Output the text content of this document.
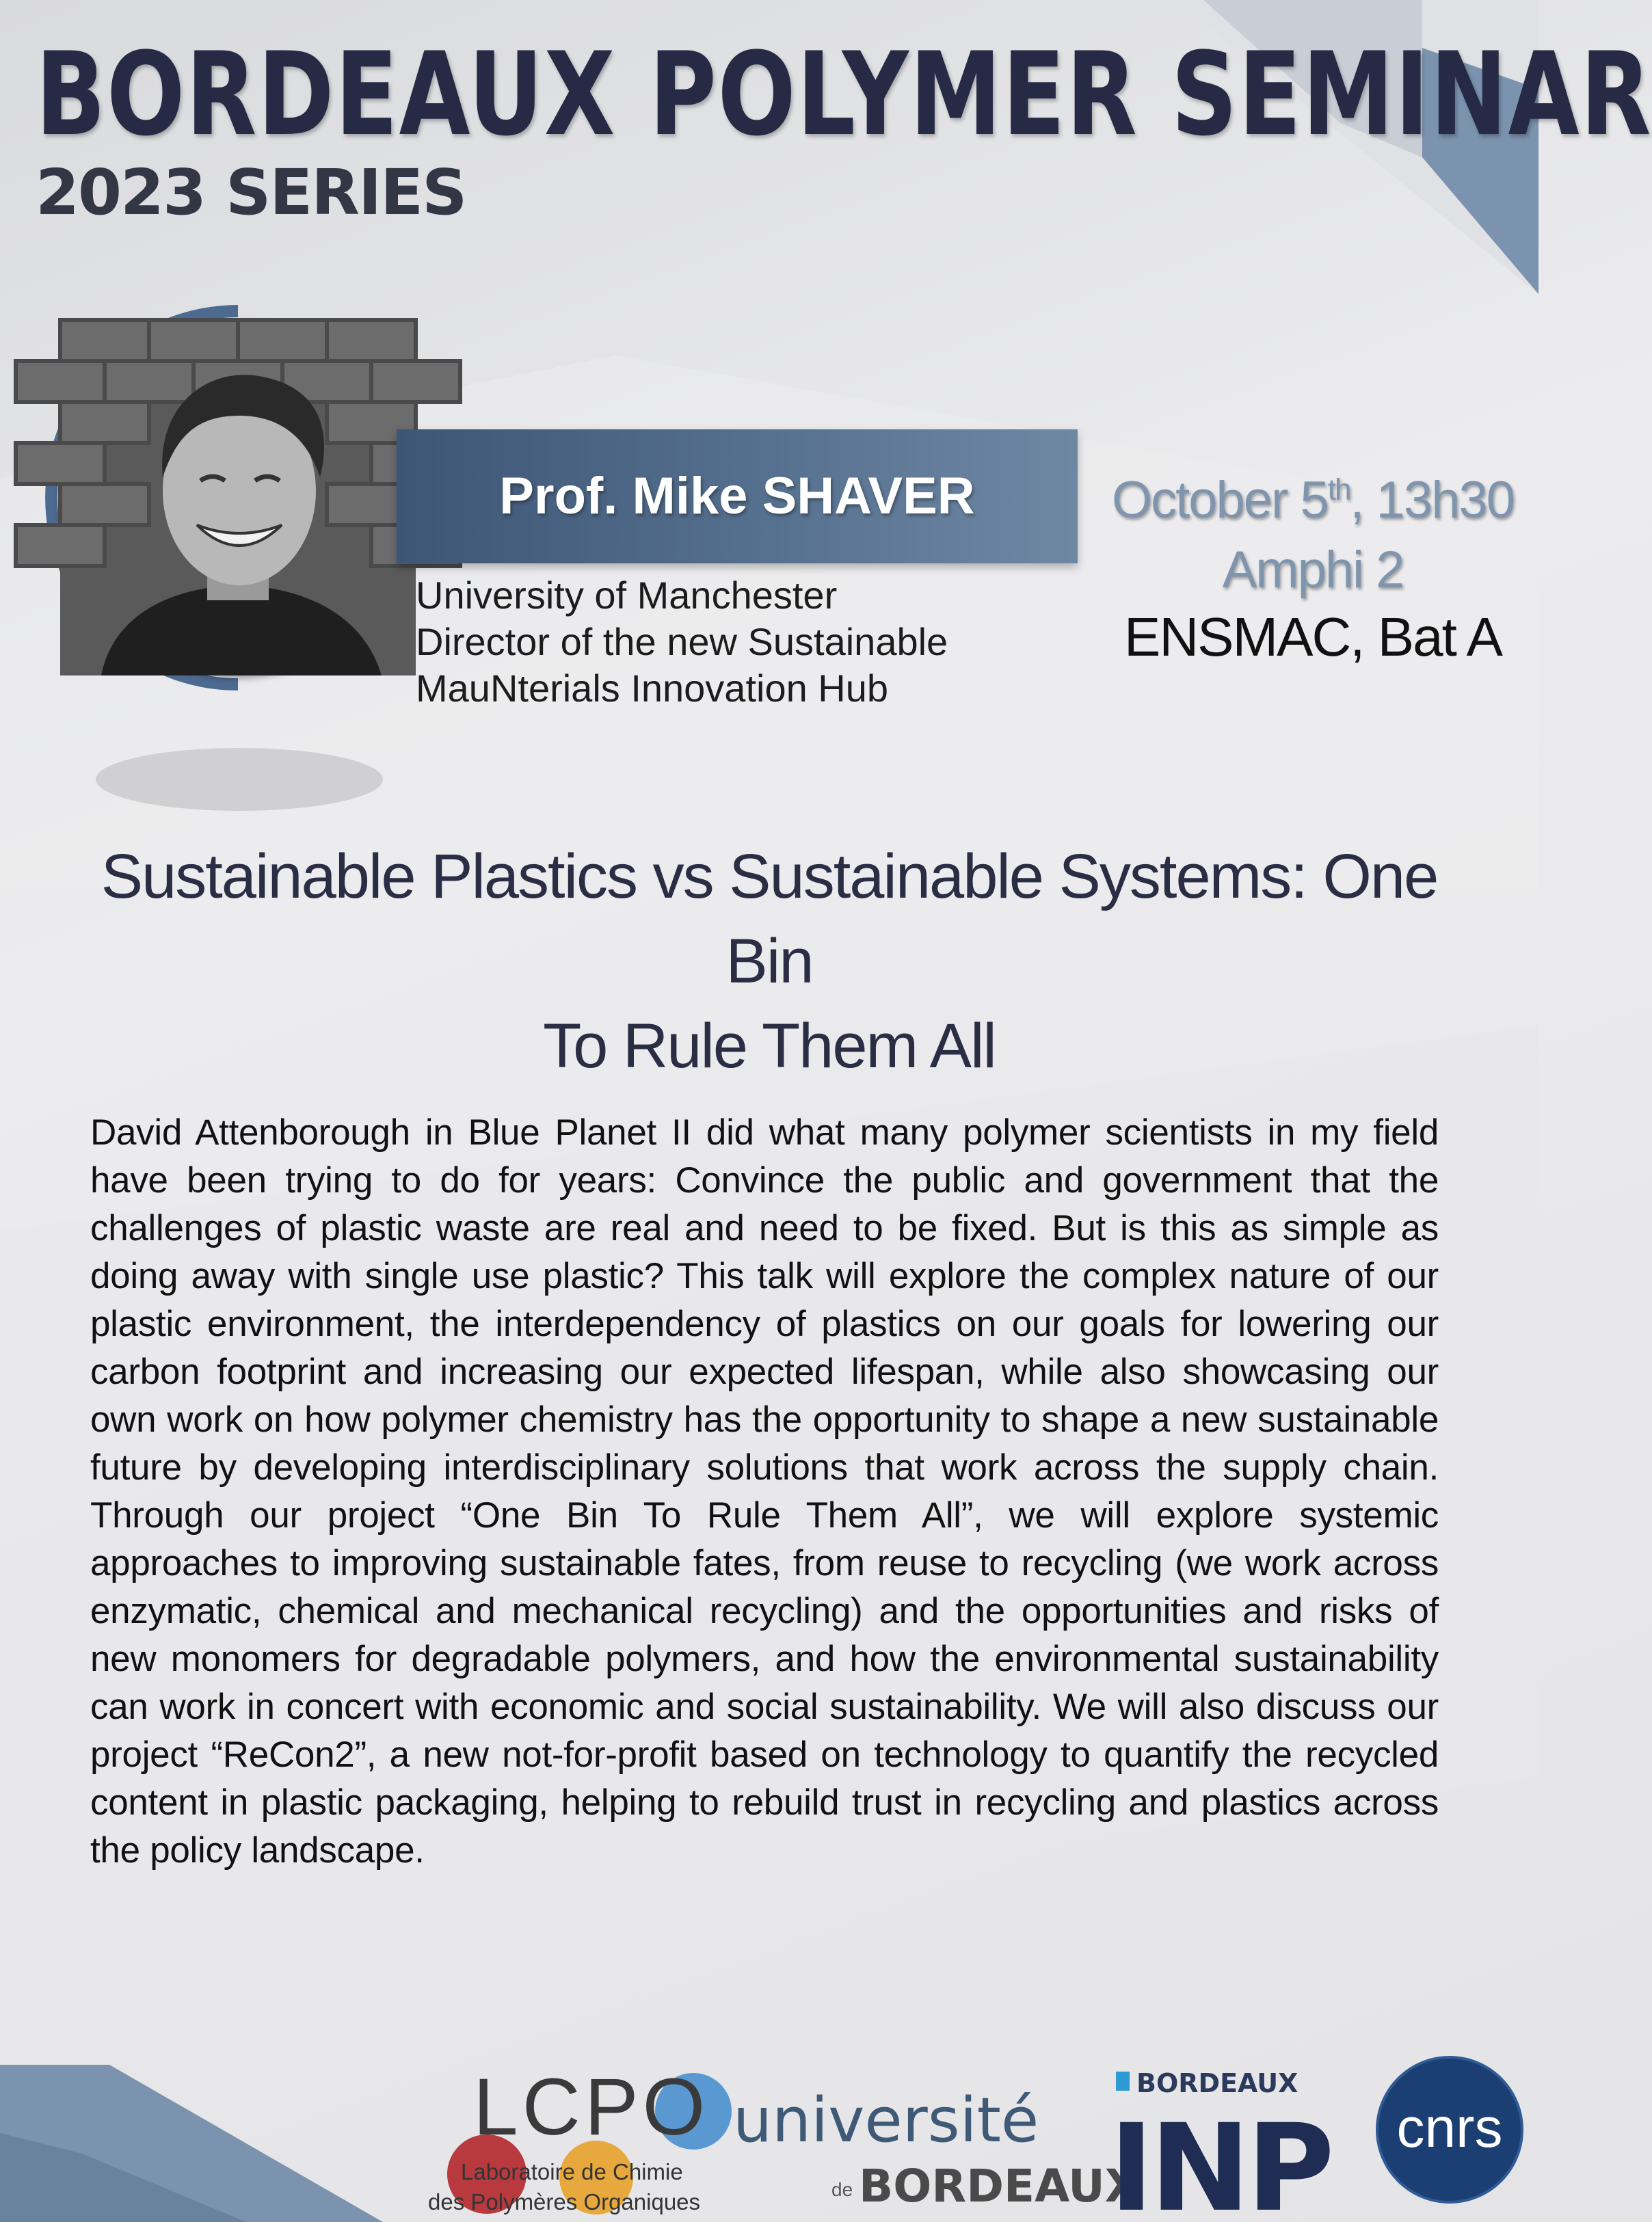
BORDEAUX POLYMER SEMINAR
2023 SERIES
Prof. Mike SHAVER
University of Manchester
Director of the new Sustainable
MauNterials Innovation Hub
October 5th, 13h30
Amphi 2
ENSMAC, Bat A
Sustainable Plastics vs Sustainable Systems: One Bin
To Rule Them All

David Attenborough in Blue Planet II did what many polymer scientists in my field have been trying to do for years: Convince the public and government that the challenges of plastic waste are real and need to be fixed. But is this as simple as doing away with single use plastic? This talk will explore the complex nature of our plastic environment, the interdependency of plastics on our goals for lowering our carbon footprint and increasing our expected lifespan, while also showcasing our own work on how polymer chemistry has the opportunity to shape a new sustainable future by developing interdisciplinary solutions that work across the supply chain. Through our project “One Bin To Rule Them All”, we will explore systemic approaches to improving sustainable fates, from reuse to recycling (we work across enzymatic, chemical and mechanical recycling) and the opportunities and risks of new monomers for degradable polymers, and how the environmental sustainability can work in concert with economic and social sustainability. We will also discuss our project “ReCon2”, a new not-for-profit based on technology to quantify the recycled content in plastic packaging, helping to rebuild trust in recycling and plastics across the policy landscape.

LCPO
Laboratoire de Chimie
des Polymères Organiques
université
de BORDEAUX
BORDEAUX
INP cnrs
